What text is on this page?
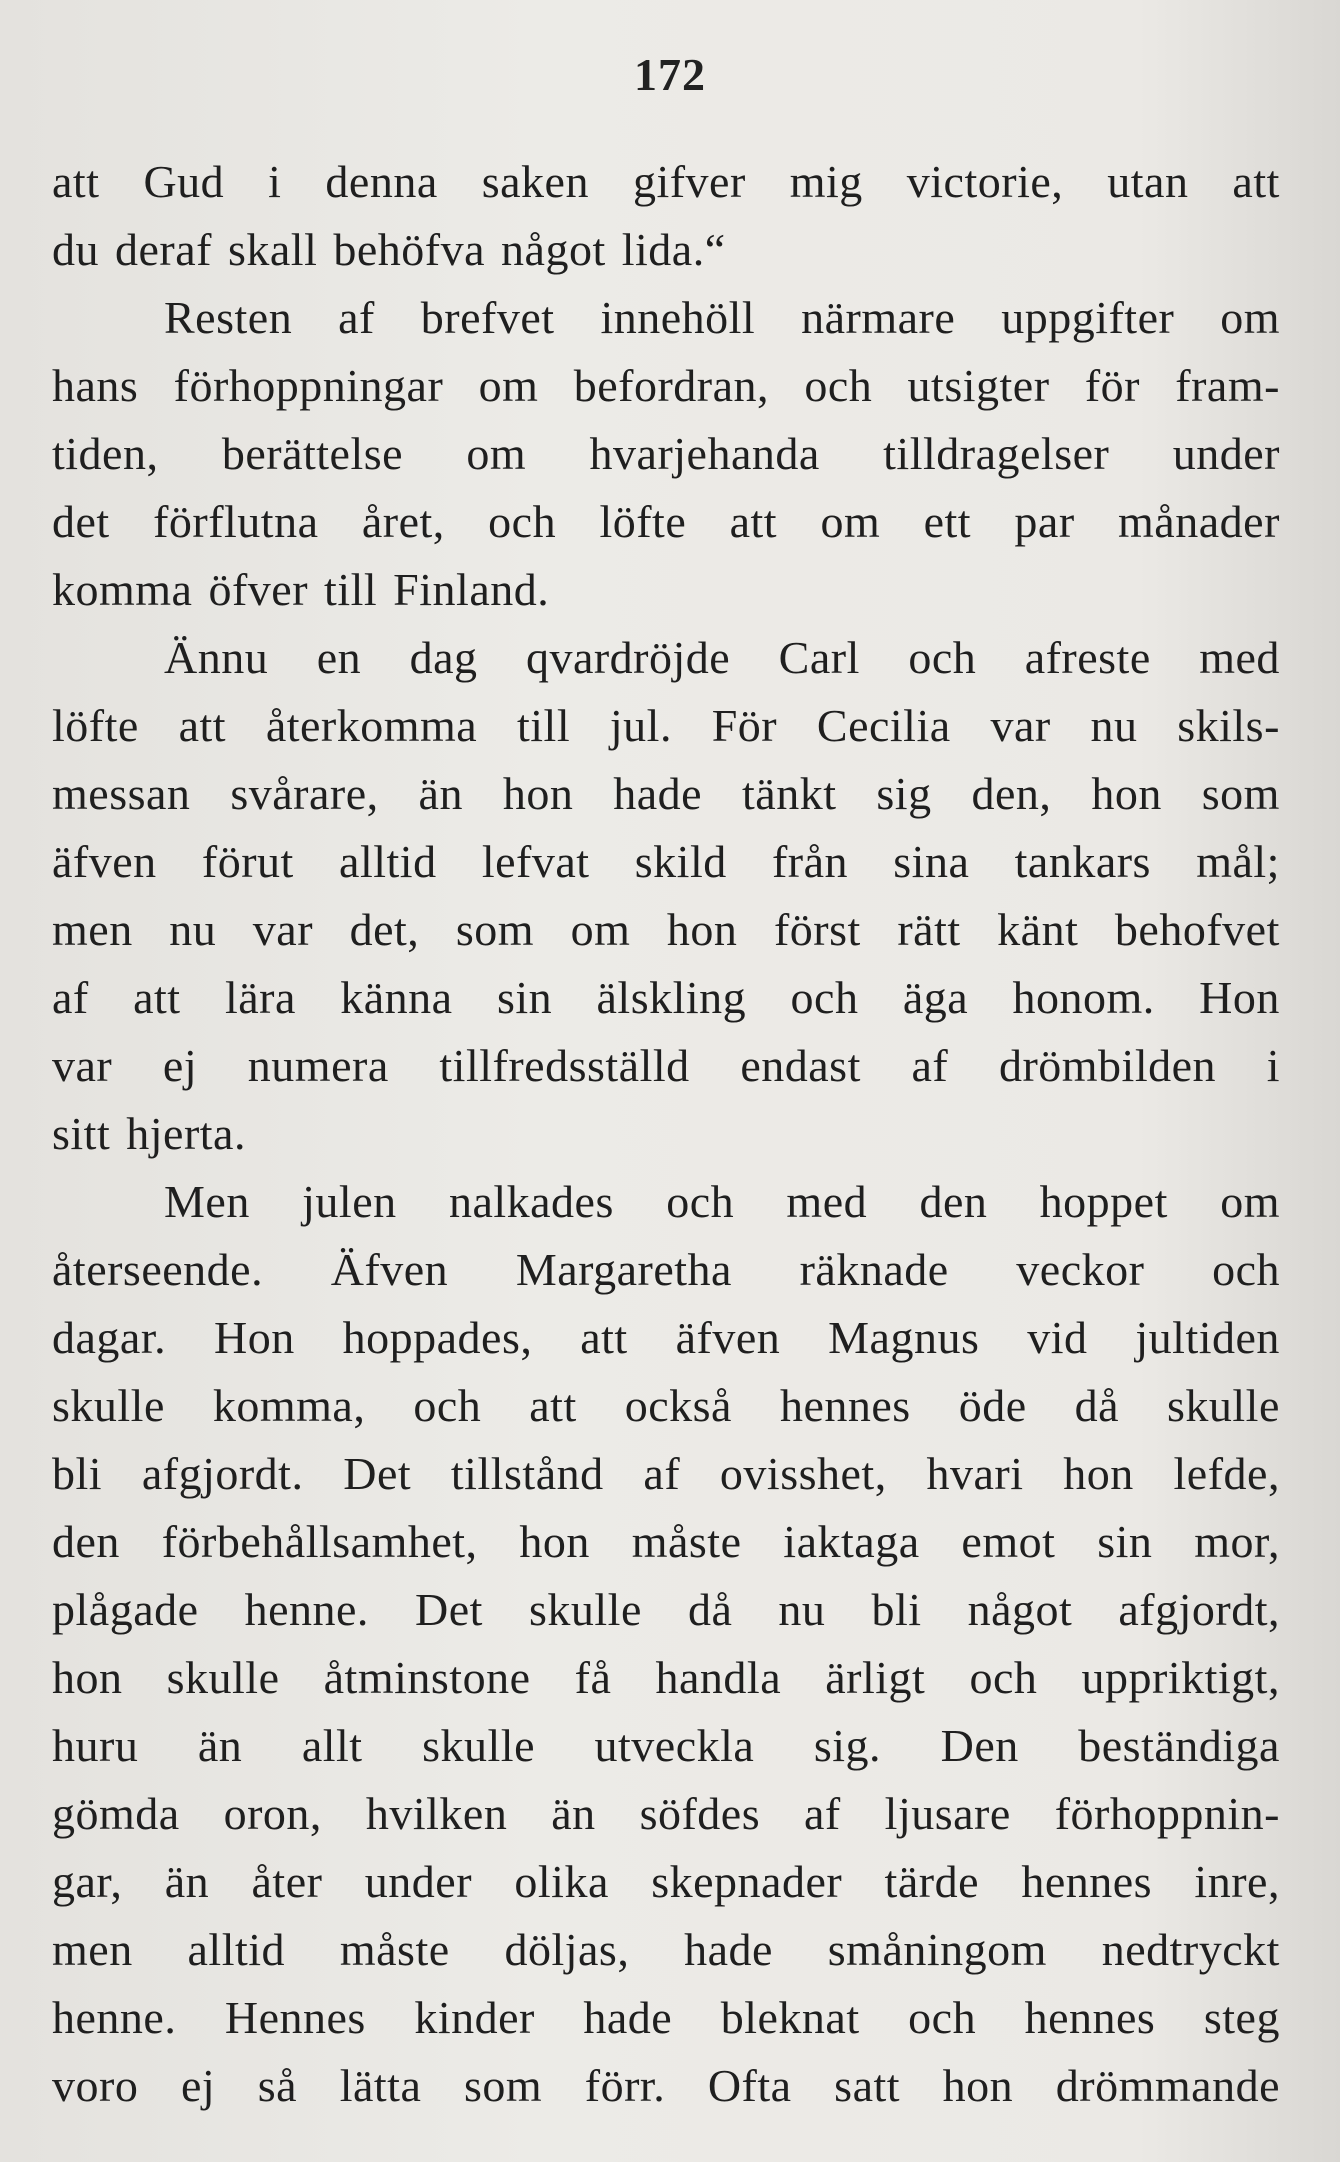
172
att Gud i denna saken gifver mig victorie, utan att
du deraf skall behöfva något lida.“
Resten af brefvet innehöll närmare uppgifter om
hans förhoppningar om befordran, och utsigter för fram-
tiden, berättelse om hvarjehanda tilldragelser under
det förflutna året, och löfte att om ett par månader
komma öfver till Finland.
Ännu en dag qvardröjde Carl och afreste med
löfte att återkomma till jul. För Cecilia var nu skils-
messan svårare, än hon hade tänkt sig den, hon som
äfven förut alltid lefvat skild från sina tankars mål;
men nu var det, som om hon först rätt känt behofvet
af att lära känna sin älskling och äga honom. Hon
var ej numera tillfredsställd endast af drömbilden i
sitt hjerta.
Men julen nalkades och med den hoppet om
återseende. Äfven Margaretha räknade veckor och
dagar. Hon hoppades, att äfven Magnus vid jultiden
skulle komma, och att också hennes öde då skulle
bli afgjordt. Det tillstånd af ovisshet, hvari hon lefde,
den förbehållsamhet, hon måste iaktaga emot sin mor,
plågade henne. Det skulle då nu bli något afgjordt,
hon skulle åtminstone få handla ärligt och uppriktigt,
huru än allt skulle utveckla sig. Den beständiga
gömda oron, hvilken än söfdes af ljusare förhoppnin-
gar, än åter under olika skepnader tärde hennes inre,
men alltid måste döljas, hade småningom nedtryckt
henne. Hennes kinder hade bleknat och hennes steg
voro ej så lätta som förr. Ofta satt hon drömmande
